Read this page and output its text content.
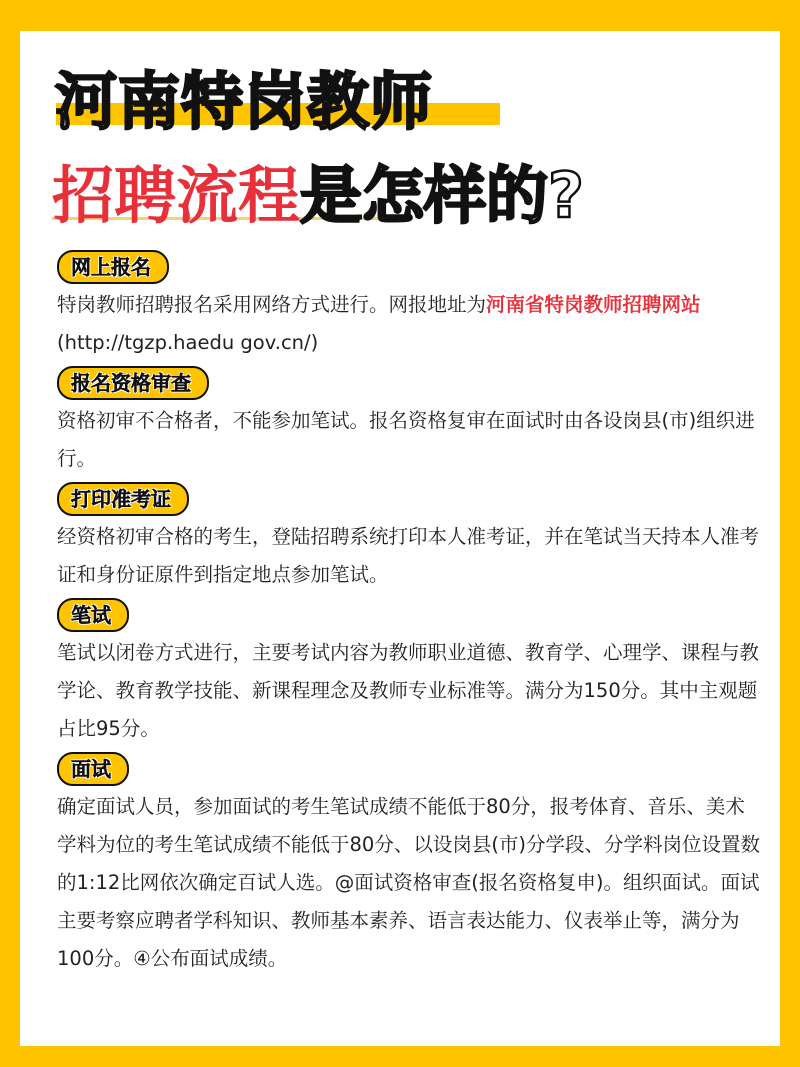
河南特岗教师
招聘流程是怎样的?
网上报名
特岗教师招聘报名采用网络方式进行。网报地址为河南省特岗教师招聘网站(http://tgzp.haedu gov.cn/)
报名资格审查
资格初审不合格者，不能参加笔试。报名资格复审在面试时由各设岗县(市)组织进行。
打印准考证
经资格初审合格的考生，登陆招聘系统打印本人准考证，并在笔试当天持本人准考证和身份证原件到指定地点参加笔试。
笔试
笔试以闭卷方式进行，主要考试内容为教师职业道德、教育学、心理学、课程与教学论、教育教学技能、新课程理念及教师专业标准等。满分为150分。其中主观题占比95分。
面试
确定面试人员，参加面试的考生笔试成绩不能低于80分，报考体育、音乐、美术学料为位的考生笔试成绩不能低于80分、以设岗县(市)分学段、分学料岗位设置数的1:12比网依次确定百试人选。@面试资格审查(报名资格复申)。组织面试。面试主要考察应聘者学科知识、教师基本素养、语言表达能力、仪表举止等，满分为100分。④公布面试成绩。
